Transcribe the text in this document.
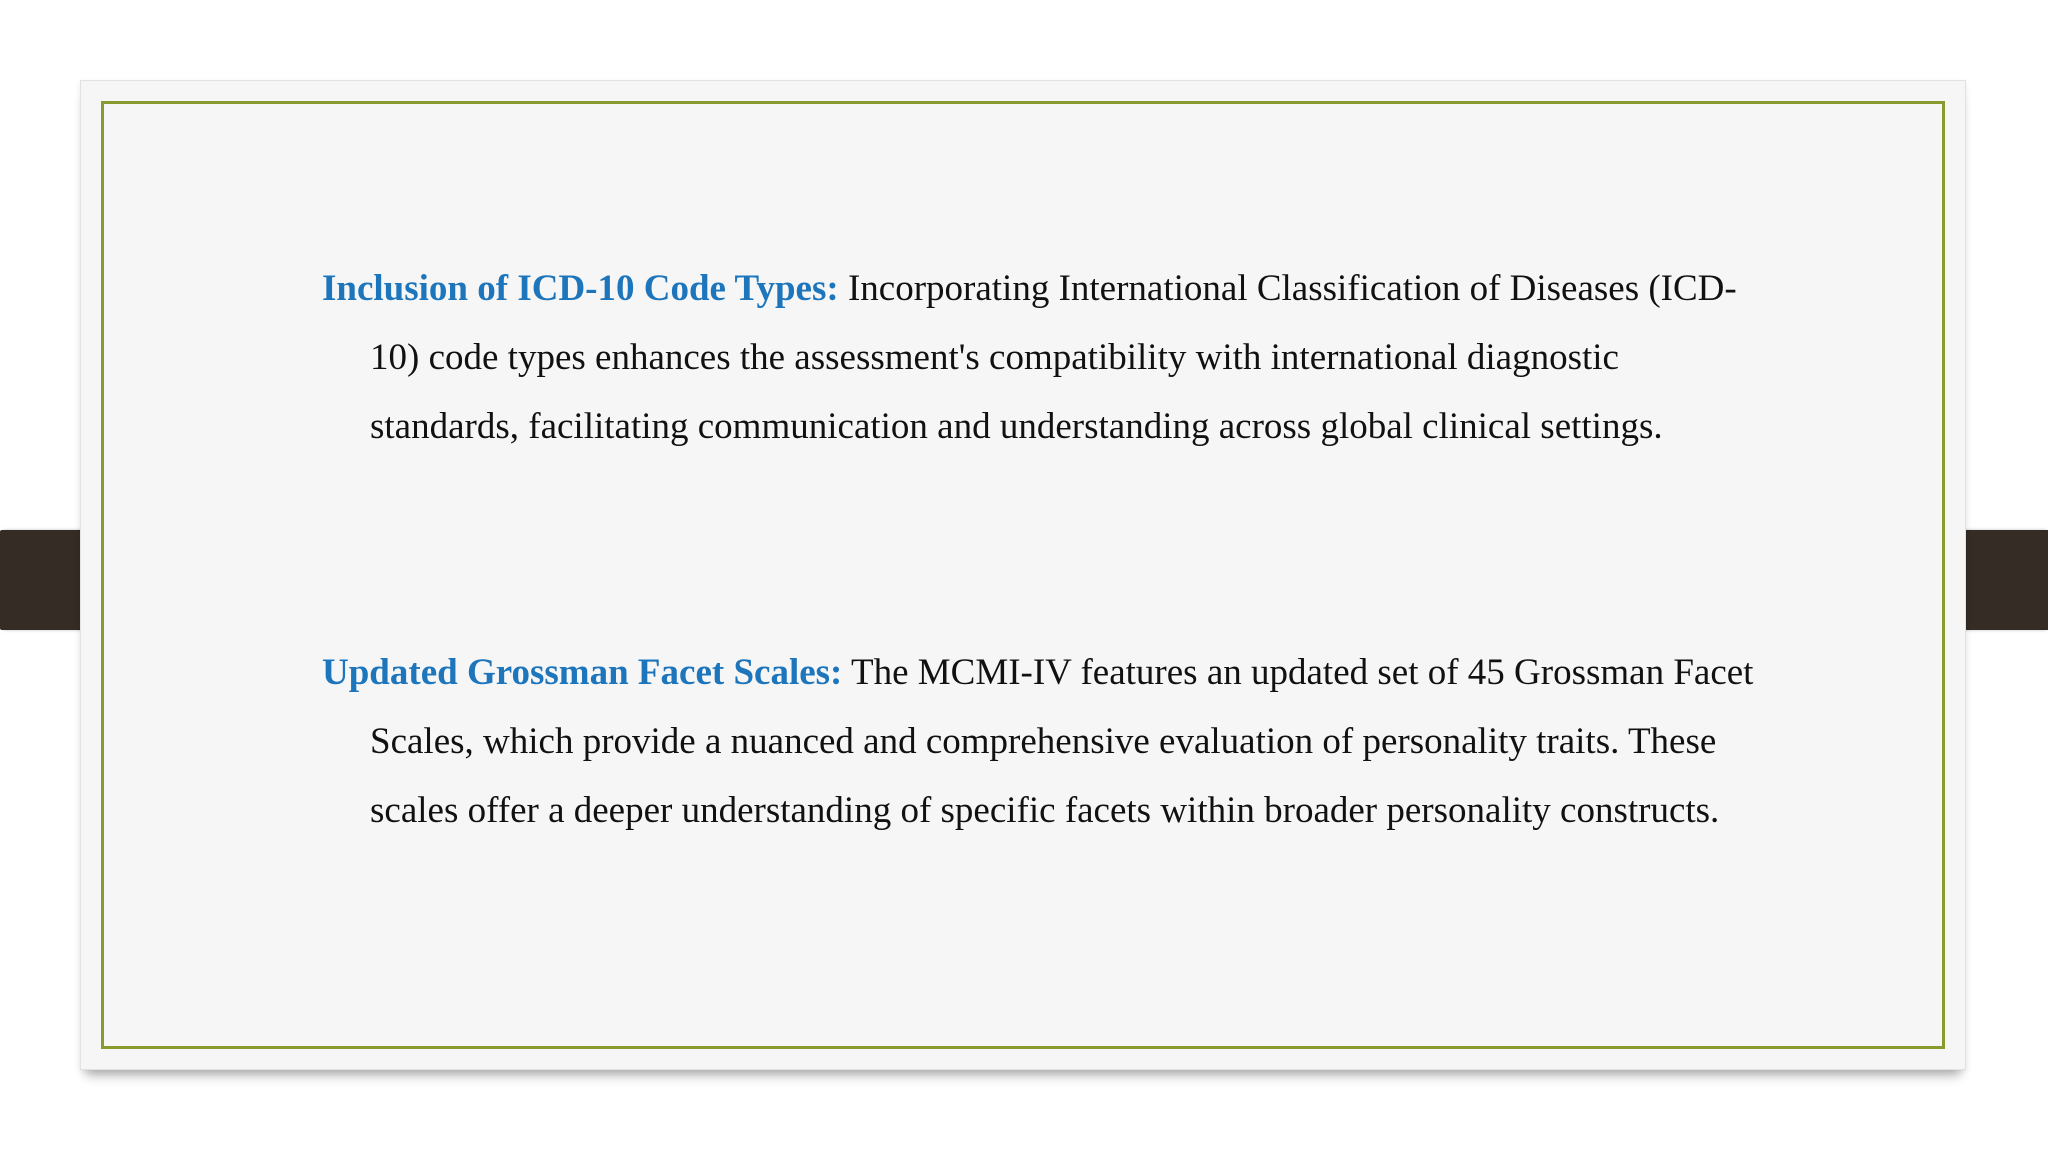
Inclusion of ICD-10 Code Types: Incorporating International Classification of Diseases (ICD-10) code types enhances the assessment's compatibility with international diagnostic standards, facilitating communication and understanding across global clinical settings.

Updated Grossman Facet Scales: The MCMI-IV features an updated set of 45 Grossman Facet Scales, which provide a nuanced and comprehensive evaluation of personality traits. These scales offer a deeper understanding of specific facets within broader personality constructs.
